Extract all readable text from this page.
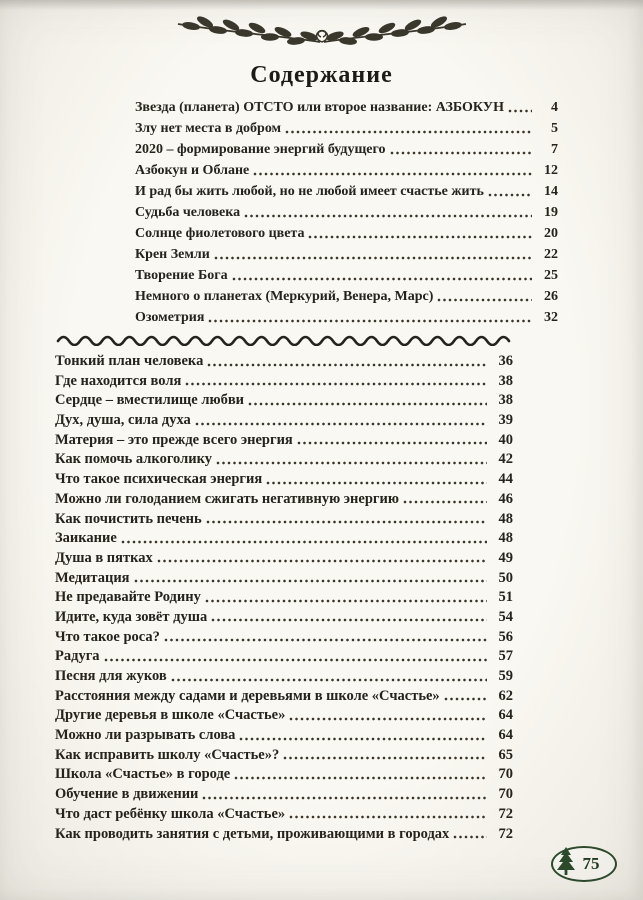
Содержание
Звезда (планета) ОТСТО или второе название: АЗБОКУН	4
Злу нет места в добром	5
2020 – формирование энергий будущего	7
Азбокун и Облане	12
И рад бы жить любой, но не любой имеет счастье жить	14
Судьба человека	19
Солнце фиолетового цвета	20
Крен Земли	22
Творение Бога	25
Немного о планетах (Меркурий, Венера, Марс)	26
Озометрия	32
Тонкий план человека	36
Где находится воля	38
Сердце – вместилище любви	38
Дух, душа, сила духа	39
Материя – это прежде всего энергия	40
Как помочь алкоголику	42
Что такое психическая энергия	44
Можно ли голоданием сжигать негативную энергию	46
Как почистить печень	48
Заикание	48
Душа в пятках	49
Медитация	50
Не предавайте Родину	51
Идите, куда зовёт душа	54
Что такое роса?	56
Радуга	57
Песня для жуков	59
Расстояния между садами и деревьями в школе «Счастье»	62
Другие деревья в школе «Счастье»	64
Можно ли разрывать слова	64
Как исправить школу «Счастье»?	65
Школа «Счастье» в городе	70
Обучение в движении	70
Что даст ребёнку школа «Счастье»	72
Как проводить занятия с детьми, проживающими в городах	72
75
